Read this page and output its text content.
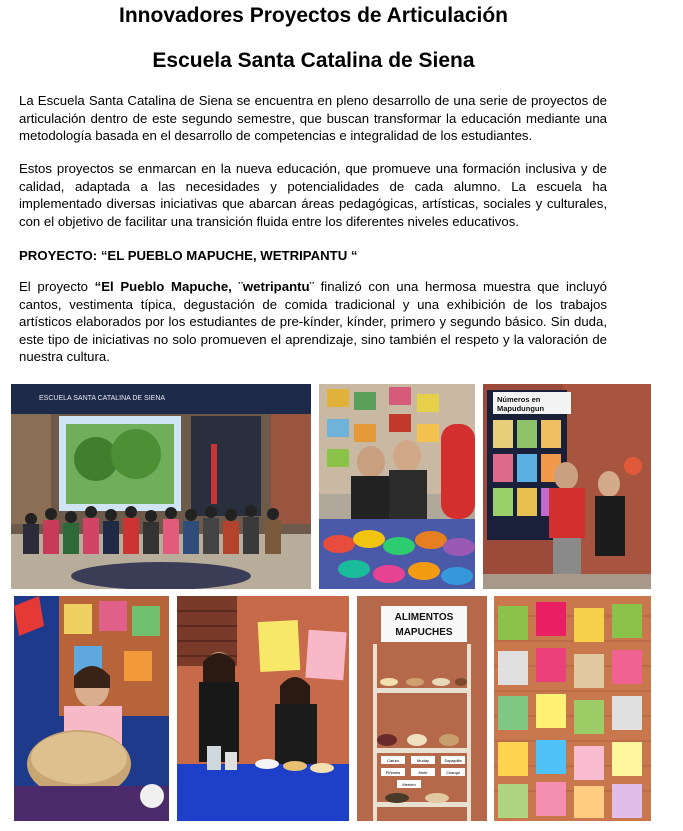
Innovadores Proyectos de Articulación
Escuela Santa Catalina de Siena

La Escuela Santa Catalina de Siena se encuentra en pleno desarrollo de una serie de proyectos de articulación dentro de este segundo semestre, que buscan transformar la educación mediante una metodología basada en el desarrollo de competencias e integralidad de los estudiantes.

Estos proyectos se enmarcan en la nueva educación, que promueve una formación inclusiva y de calidad, adaptada a las necesidades y potencialidades de cada alumno. La escuela ha implementado diversas iniciativas que abarcan áreas pedagógicas, artísticas, sociales y culturales, con el objetivo de facilitar una transición fluida entre los diferentes niveles educativos.

PROYECTO: “EL PUEBLO MAPUCHE, WETRIPANTU “

El proyecto “El Pueblo Mapuche, ¨wetripantu¨ finalizó con una hermosa muestra que incluyó cantos, vestimenta típica, degustación de comida tradicional y una exhibición de los trabajos artísticos elaborados por los estudiantes de pre-kínder, kínder, primero y segundo básico. Sin duda, este tipo de iniciativas no solo promueven el aprendizaje, sino también el respeto y la valoración de nuestra cultura.

ESCUELA SANTA CATALINA DE SIENA	Números en
Mapudungun
ALIMENTOS
MAPUCHES
Catuto	Muday	Sopaipilla
Piñones	Mote	Charqui
Merkén
